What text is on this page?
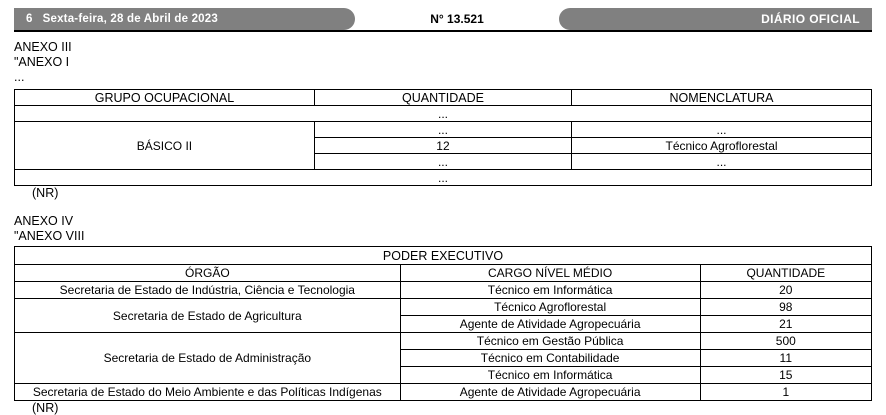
6 Sexta-feira, 28 de Abril de 2023	N° 13.521	DIÁRIO OFICIAL
ANEXO III
"ANEXO I
...
GRUPO OCUPACIONAL	QUANTIDADE	NOMENCLATURA
...		
BÁSICO II	...	...
	12	Técnico Agroflorestal
	...	...
...		
(NR)
ANEXO IV
"ANEXO VIII
PODER EXECUTIVO		
ÓRGÃO	CARGO NÍVEL MÉDIO	QUANTIDADE
Secretaria de Estado de Indústria, Ciência e Tecnologia	Técnico em Informática	20
Secretaria de Estado de Agricultura	Técnico Agroflorestal	98
	Agente de Atividade Agropecuária	21
Secretaria de Estado de Administração	Técnico em Gestão Pública	500
	Técnico em Contabilidade	11
	Técnico em Informática	15
Secretaria de Estado do Meio Ambiente e das Políticas Indígenas	Agente de Atividade Agropecuária	1
(NR)
